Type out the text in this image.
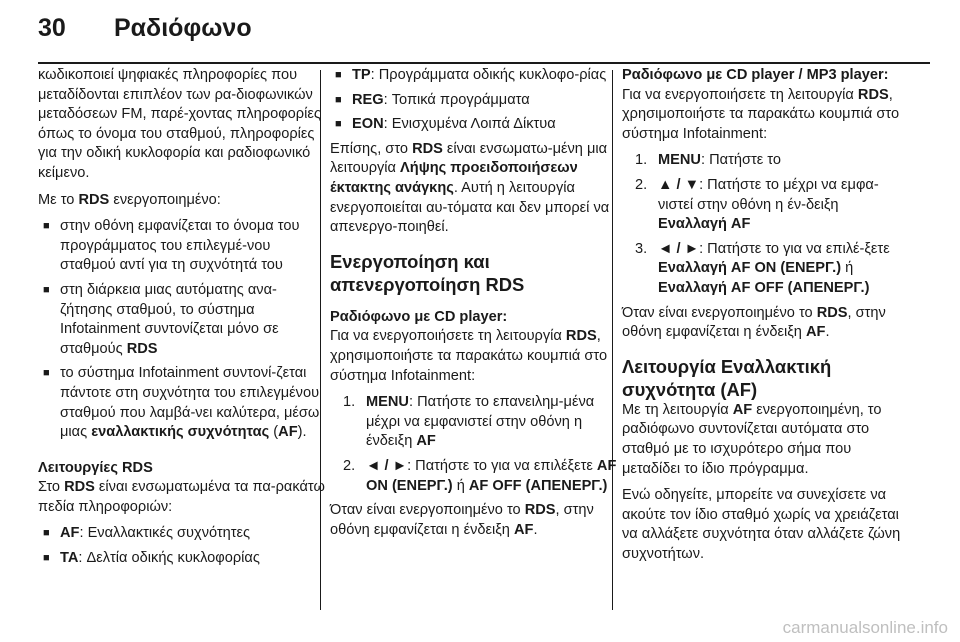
30 Ραδιόφωνο

κωδικοποιεί ψηφιακές πληροφορίες που μεταδίδονται επιπλέον των ρα-διοφωνικών μεταδόσεων FM, παρέ-χοντας πληροφορίες όπως το όνομα του σταθμού, πληροφορίες για την οδική κυκλοφορία και ραδιοφωνικό κείμενο.

Με το RDS ενεργοποιημένο:

■ στην οθόνη εμφανίζεται το όνομα του προγράμματος του επιλεγμέ-νου σταθμού αντί για τη συχνότητά του
■ στη διάρκεια μιας αυτόματης ανα-ζήτησης σταθμού, το σύστημα Infotainment συντονίζεται μόνο σε σταθμούς RDS
■ το σύστημα Infotainment συντονί-ζεται πάντοτε στη συχνότητα του επιλεγμένου σταθμού που λαμβά-νει καλύτερα, μέσω μιας εναλλακτικής συχνότητας (AF).
Λειτουργίες RDS

Στο RDS είναι ενσωματωμένα τα πα-ρακάτω πεδία πληροφοριών:

■ AF: Εναλλακτικές συχνότητες
■ TA: Δελτία οδικής κυκλοφορίας
■ TP: Προγράμματα οδικής κυκλοφο-ρίας
■ REG: Τοπικά προγράμματα
■ EON: Ενισχυμένα Λοιπά Δίκτυα

Επίσης, στο RDS είναι ενσωματω-μένη μια λειτουργία Λήψης προειδοποιήσεων έκτακτης ανάγκης. Αυτή η λειτουργία ενεργοποιείται αυ-τόματα και δεν μπορεί να απενεργο-ποιηθεί.

Ενεργοποίηση και απενεργοποίηση RDS
Ραδιόφωνο με CD player:

Για να ενεργοποιήσετε τη λειτουργία RDS, χρησιμοποιήστε τα παρακάτω κουμπιά στο σύστημα Infotainment:

1. MENU: Πατήστε το επανειλημ-μένα μέχρι να εμφανιστεί στην οθόνη η ένδειξη AF
2. ◄ / ►: Πατήστε το για να επιλέξετε AF ON (ΕΝΕΡΓ.) ή AF OFF (ΑΠΕΝΕΡΓ.)

Όταν είναι ενεργοποιημένο το RDS, στην οθόνη εμφανίζεται η ένδειξη AF.

Ραδιόφωνο με CD player / MP3 player:

Για να ενεργοποιήσετε τη λειτουργία RDS, χρησιμοποιήστε τα παρακάτω κουμπιά στο σύστημα Infotainment:

1. MENU: Πατήστε το
2. ▲ / ▼: Πατήστε το μέχρι να εμφα-νιστεί στην οθόνη η έν-δειξη Εναλλαγή AF
3. ◄ / ►: Πατήστε το για να επιλέ-ξετε Εναλλαγή AF ON (ΕΝΕΡΓ.) ή Εναλλαγή AF OFF (ΑΠΕΝΕΡΓ.)

Όταν είναι ενεργοποιημένο το RDS, στην οθόνη εμφανίζεται η ένδειξη AF.

Λειτουργία Εναλλακτική συχνότητα (AF)

Με τη λειτουργία AF ενεργοποιημένη, το ραδιόφωνο συντονίζεται αυτόματα στο σταθμό με το ισχυρότερο σήμα που μεταδίδει το ίδιο πρόγραμμα.

Ενώ οδηγείτε, μπορείτε να συνεχίσετε να ακούτε τον ίδιο σταθμό χωρίς να χρειάζεται να αλλάξετε συχνότητα όταν αλλάζετε ζώνη συχνοτήτων.

carmanualsonline.info
